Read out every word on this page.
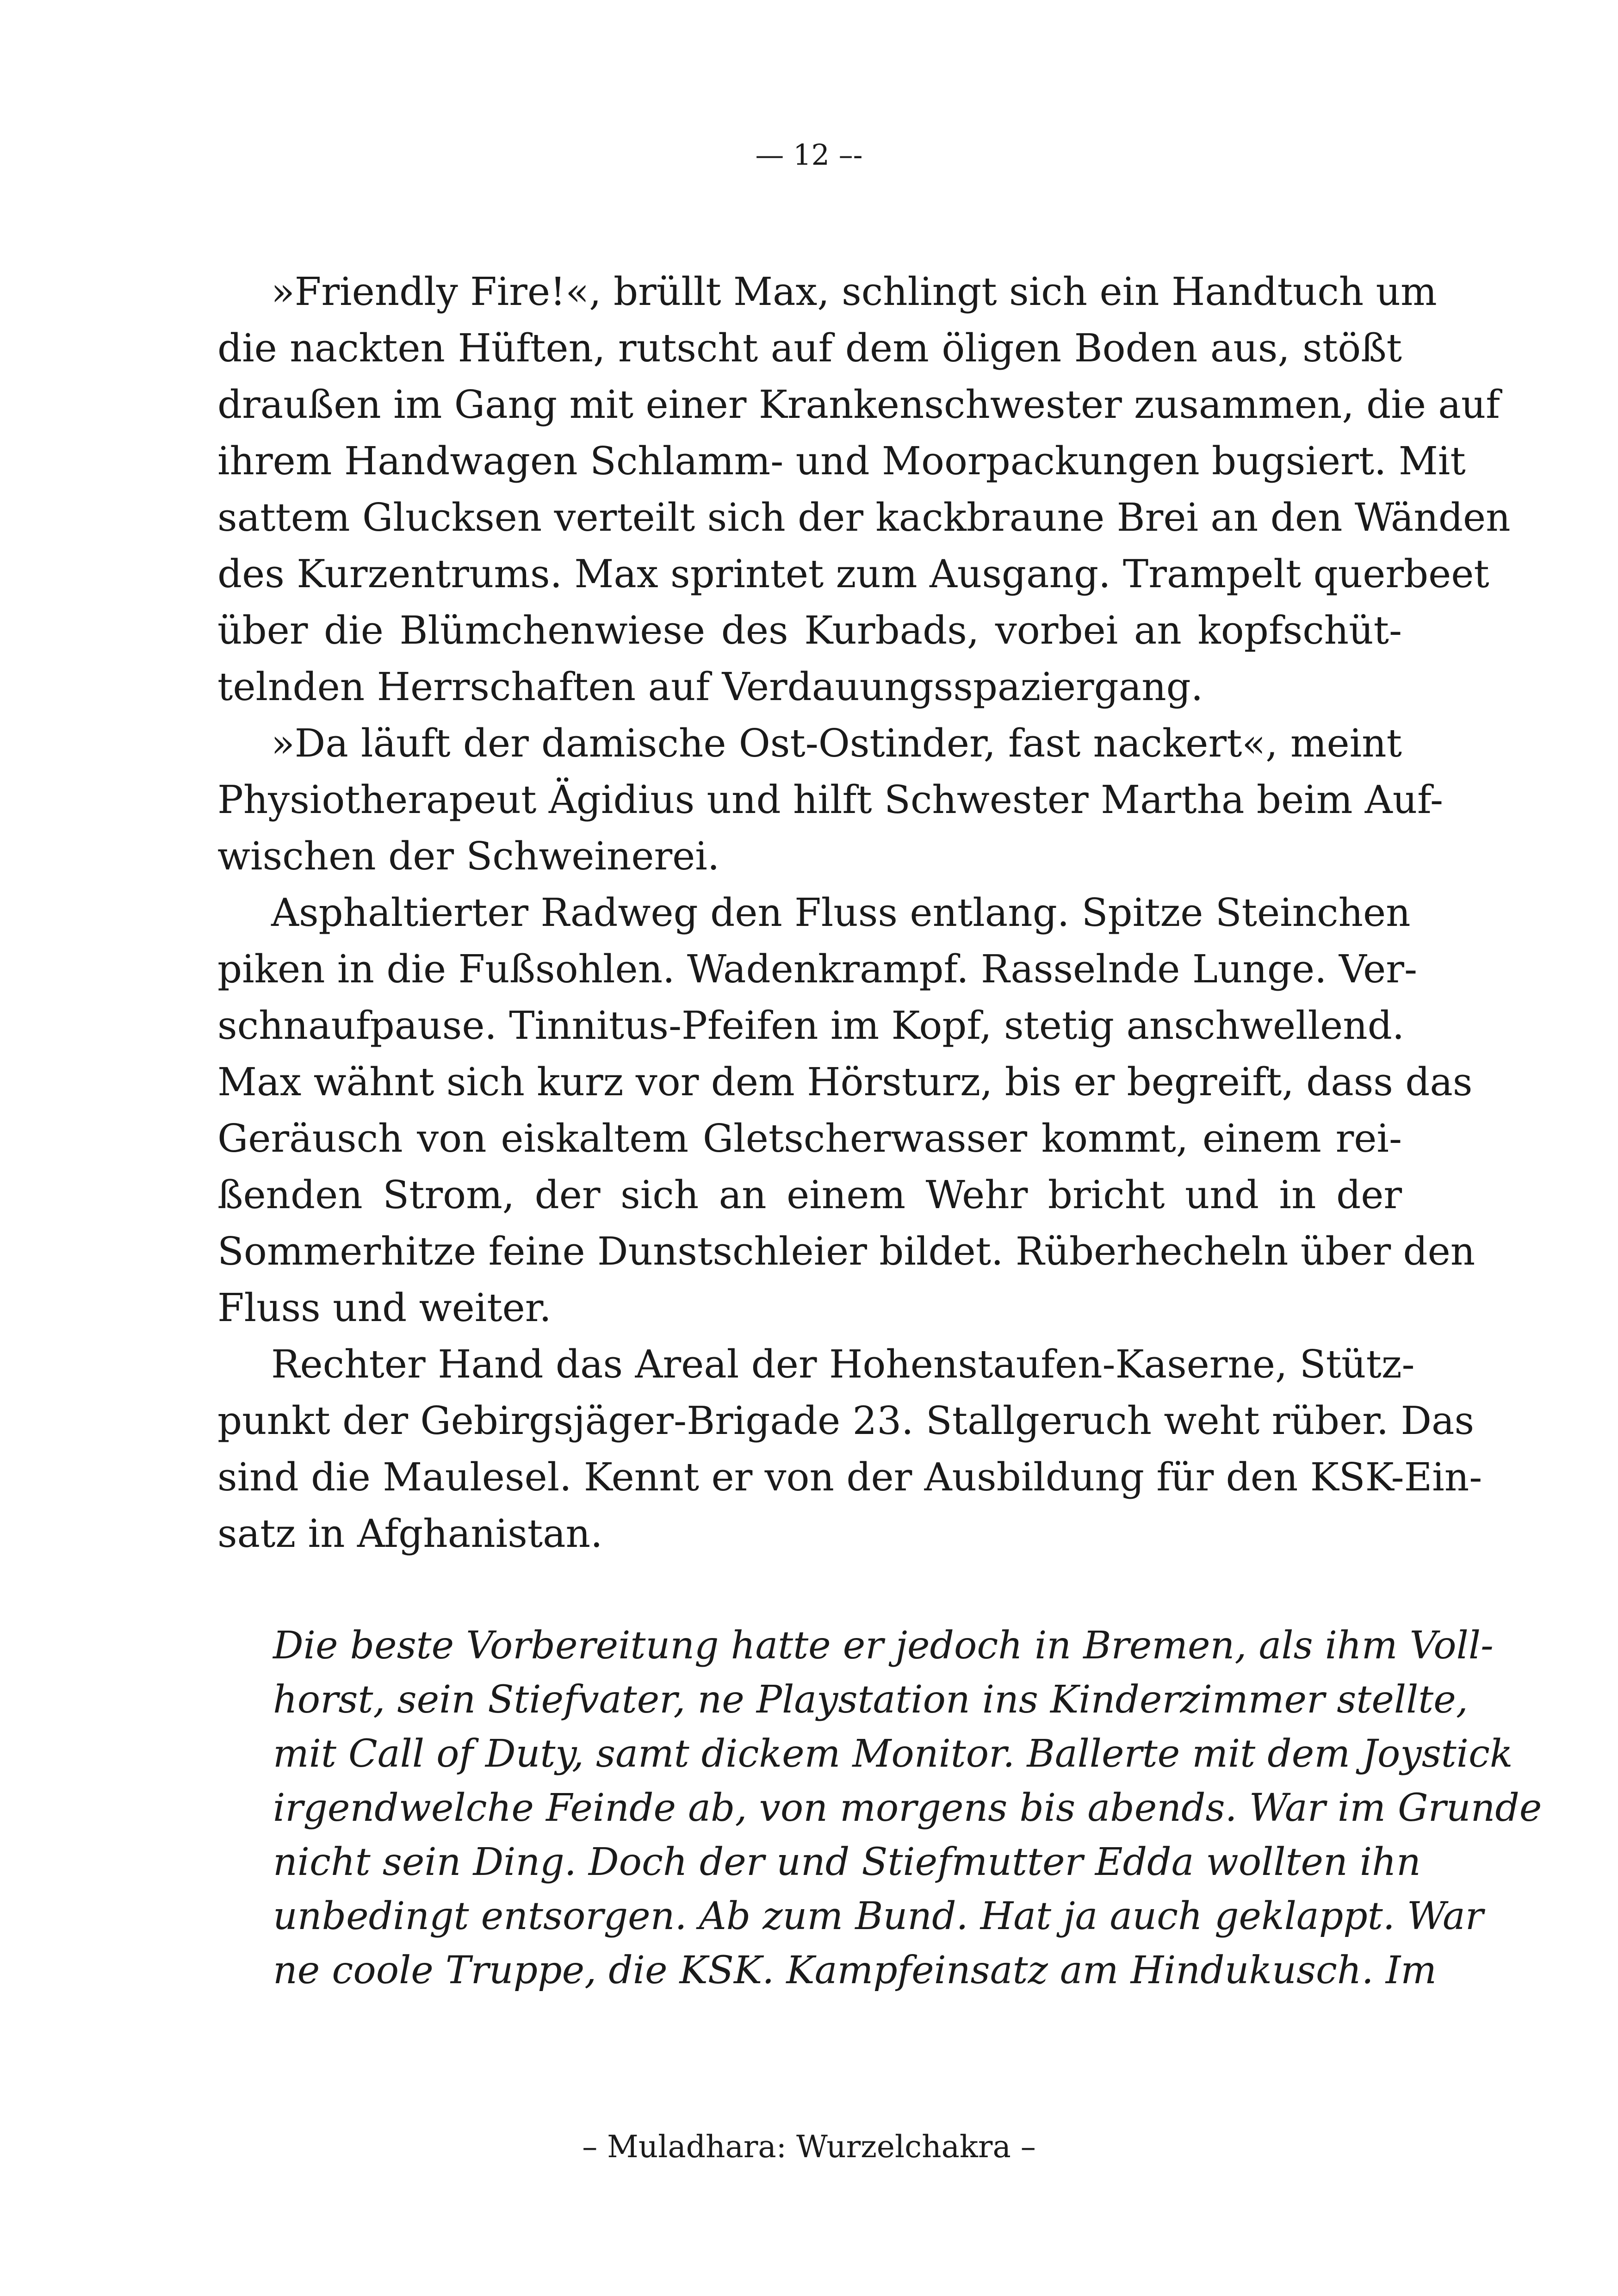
— 12 –-
»Friendly Fire!«, brüllt Max, schlingt sich ein Handtuch um
die nackten Hüften, rutscht auf dem öligen Boden aus, stößt
draußen im Gang mit einer Krankenschwester zusammen, die auf
ihrem Handwagen Schlamm- und Moorpackungen bugsiert. Mit
sattem Glucksen verteilt sich der kackbraune Brei an den Wänden
des Kurzentrums. Max sprintet zum Ausgang. Trampelt querbeet
über die Blümchenwiese des Kurbads, vorbei an kopfschüt-
telnden Herrschaften auf Verdauungsspaziergang.
»Da läuft der damische Ost-Ostinder, fast nackert«, meint
Physiotherapeut Ägidius und hilft Schwester Martha beim Auf-
wischen der Schweinerei.
Asphaltierter Radweg den Fluss entlang. Spitze Steinchen
piken in die Fußsohlen. Wadenkrampf. Rasselnde Lunge. Ver-
schnaufpause. Tinnitus-Pfeifen im Kopf, stetig anschwellend.
Max wähnt sich kurz vor dem Hörsturz, bis er begreift, dass das
Geräusch von eiskaltem Gletscherwasser kommt, einem rei-
ßenden Strom, der sich an einem Wehr bricht und in der
Sommerhitze feine Dunstschleier bildet. Rüberhecheln über den
Fluss und weiter.
Rechter Hand das Areal der Hohenstaufen-Kaserne, Stütz-
punkt der Gebirgsjäger-Brigade 23. Stallgeruch weht rüber. Das
sind die Maulesel. Kennt er von der Ausbildung für den KSK-Ein-
satz in Afghanistan.
Die beste Vorbereitung hatte er jedoch in Bremen, als ihm Voll-
horst, sein Stiefvater, ne Playstation ins Kinderzimmer stellte,
mit Call of Duty, samt dickem Monitor. Ballerte mit dem Joystick
irgendwelche Feinde ab, von morgens bis abends. War im Grunde
nicht sein Ding. Doch der und Stiefmutter Edda wollten ihn
unbedingt entsorgen. Ab zum Bund. Hat ja auch geklappt. War
ne coole Truppe, die KSK. Kampfeinsatz am Hindukusch. Im
– Muladhara: Wurzelchakra –
